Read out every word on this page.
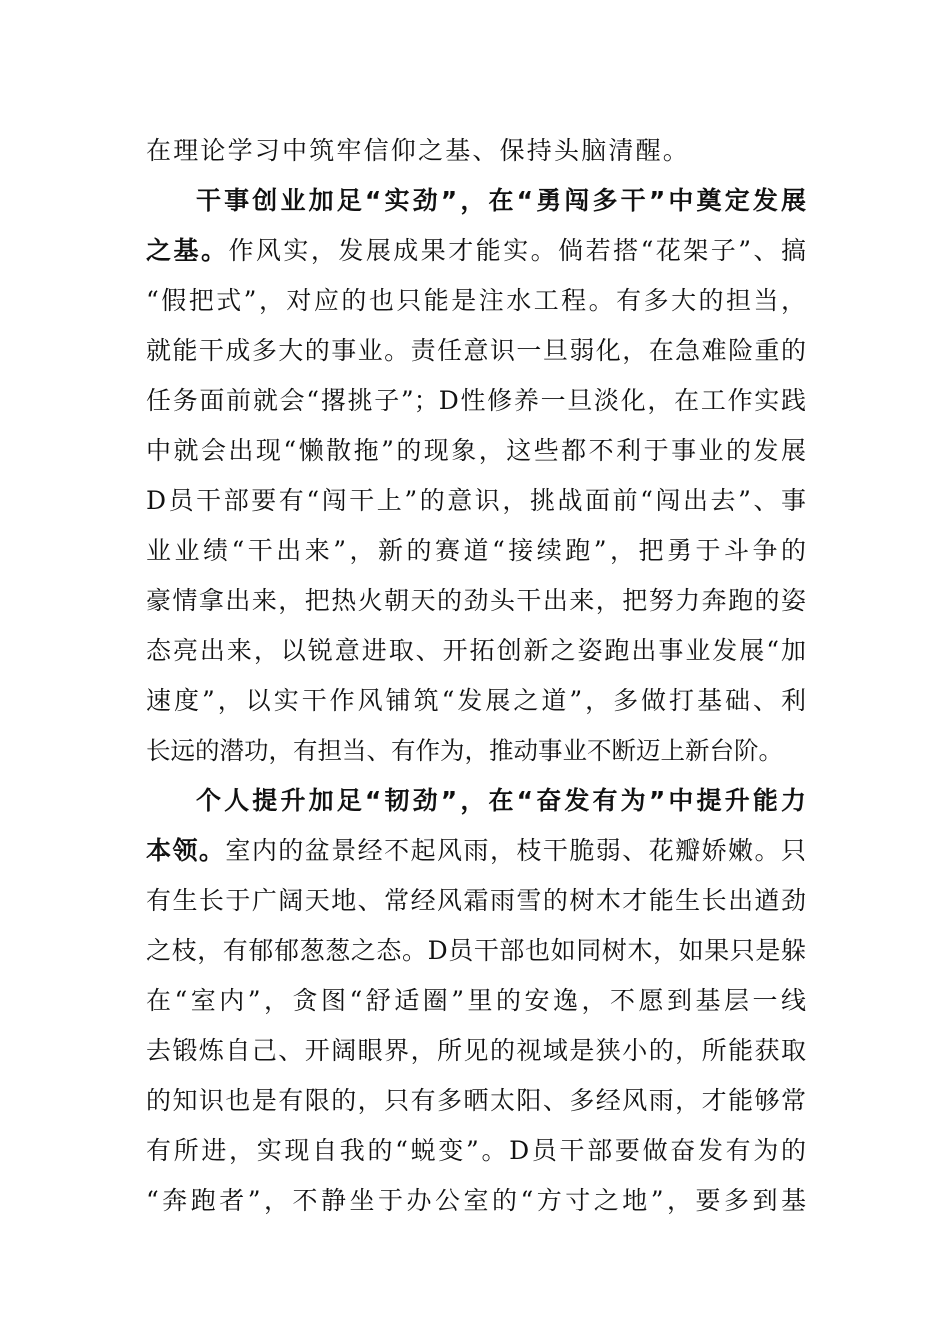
在理论学习中筑牢信仰之基、保持头脑清醒。
干事创业加足“实劲”，在“勇闯多干”中奠定发展
之基。作风实，发展成果才能实。倘若搭“花架子”、搞
“假把式”，对应的也只能是注水工程。有多大的担当，
就能干成多大的事业。责任意识一旦弱化，在急难险重的
任务面前就会“撂挑子”；D性修养一旦淡化，在工作实践
中就会出现“懒散拖”的现象，这些都不利于事业的发展
D员干部要有“闯干上”的意识，挑战面前“闯出去”、事
业业绩“干出来”，新的赛道“接续跑”，把勇于斗争的
豪情拿出来，把热火朝天的劲头干出来，把努力奔跑的姿
态亮出来，以锐意进取、开拓创新之姿跑出事业发展“加
速度”，以实干作风铺筑“发展之道”，多做打基础、利
长远的潜功，有担当、有作为，推动事业不断迈上新台阶。
个人提升加足“韧劲”，在“奋发有为”中提升能力
本领。室内的盆景经不起风雨，枝干脆弱、花瓣娇嫩。只
有生长于广阔天地、常经风霜雨雪的树木才能生长出遒劲
之枝，有郁郁葱葱之态。D员干部也如同树木，如果只是躲
在“室内”，贪图“舒适圈”里的安逸，不愿到基层一线
去锻炼自己、开阔眼界，所见的视域是狭小的，所能获取
的知识也是有限的，只有多晒太阳、多经风雨，才能够常
有所进，实现自我的“蜕变”。D员干部要做奋发有为的
“奔跑者”，不静坐于办公室的“方寸之地”，要多到基
